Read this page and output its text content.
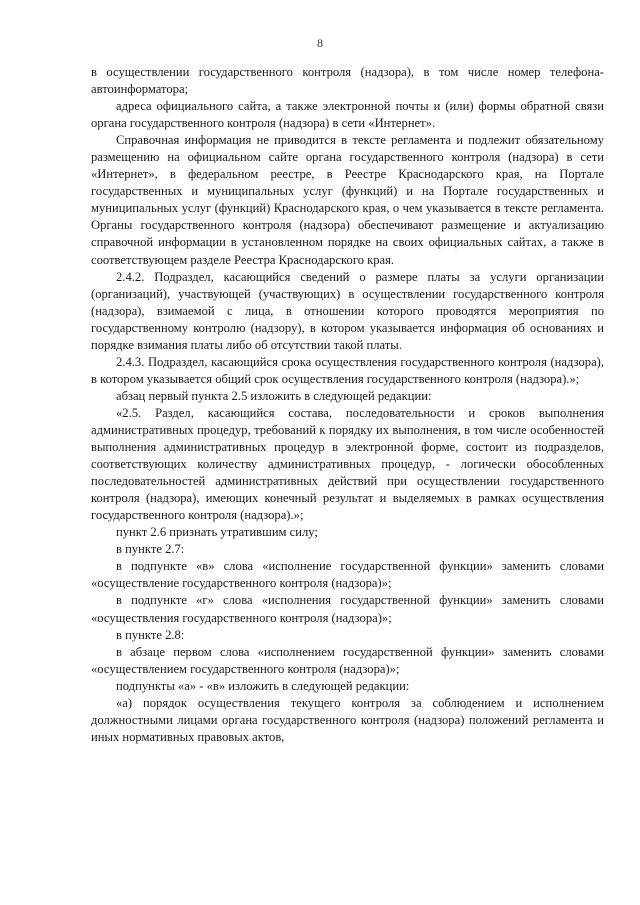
8

в осуществлении государственного контроля (надзора), в том числе номер телефона-автоинформатора;

адреса официального сайта, а также электронной почты и (или) формы обратной связи органа государственного контроля (надзора) в сети «Интернет».

Справочная информация не приводится в тексте регламента и подлежит обязательному размещению на официальном сайте органа государственного контроля (надзора) в сети «Интернет», в федеральном реестре, в Реестре Краснодарского края, на Портале государственных и муниципальных услуг (функций) и на Портале государственных и муниципальных услуг (функций) Краснодарского края, о чем указывается в тексте регламента. Органы государственного контроля (надзора) обеспечивают размещение и актуализацию справочной информации в установленном порядке на своих официальных сайтах, а также в соответствующем разделе Реестра Краснодарского края.

2.4.2. Подраздел, касающийся сведений о размере платы за услуги организации (организаций), участвующей (участвующих) в осуществлении государственного контроля (надзора), взимаемой с лица, в отношении которого проводятся мероприятия по государственному контролю (надзору), в котором указывается информация об основаниях и порядке взимания платы либо об отсутствии такой платы.

2.4.3. Подраздел, касающийся срока осуществления государственного контроля (надзора), в котором указывается общий срок осуществления государственного контроля (надзора).»;

абзац первый пункта 2.5 изложить в следующей редакции:

«2.5. Раздел, касающийся состава, последовательности и сроков выполнения административных процедур, требований к порядку их выполнения, в том числе особенностей выполнения административных процедур в электронной форме, состоит из подразделов, соответствующих количеству административных процедур, - логически обособленных последовательностей административных действий при осуществлении государственного контроля (надзора), имеющих конечный результат и выделяемых в рамках осуществления государственного контроля (надзора).»;

пункт 2.6 признать утратившим силу;

в пункте 2.7:

в подпункте «в» слова «исполнение государственной функции» заменить словами «осуществление государственного контроля (надзора)»;

в подпункте «г» слова «исполнения государственной функции» заменить словами «осуществления государственного контроля (надзора)»;

в пункте 2.8:

в абзаце первом слова «исполнением государственной функции» заменить словами «осуществлением государственного контроля (надзора)»;

подпункты «а» - «в» изложить в следующей редакции:

«а) порядок осуществления текущего контроля за соблюдением и исполнением должностными лицами органа государственного контроля (надзора) положений регламента и иных нормативных правовых актов,
